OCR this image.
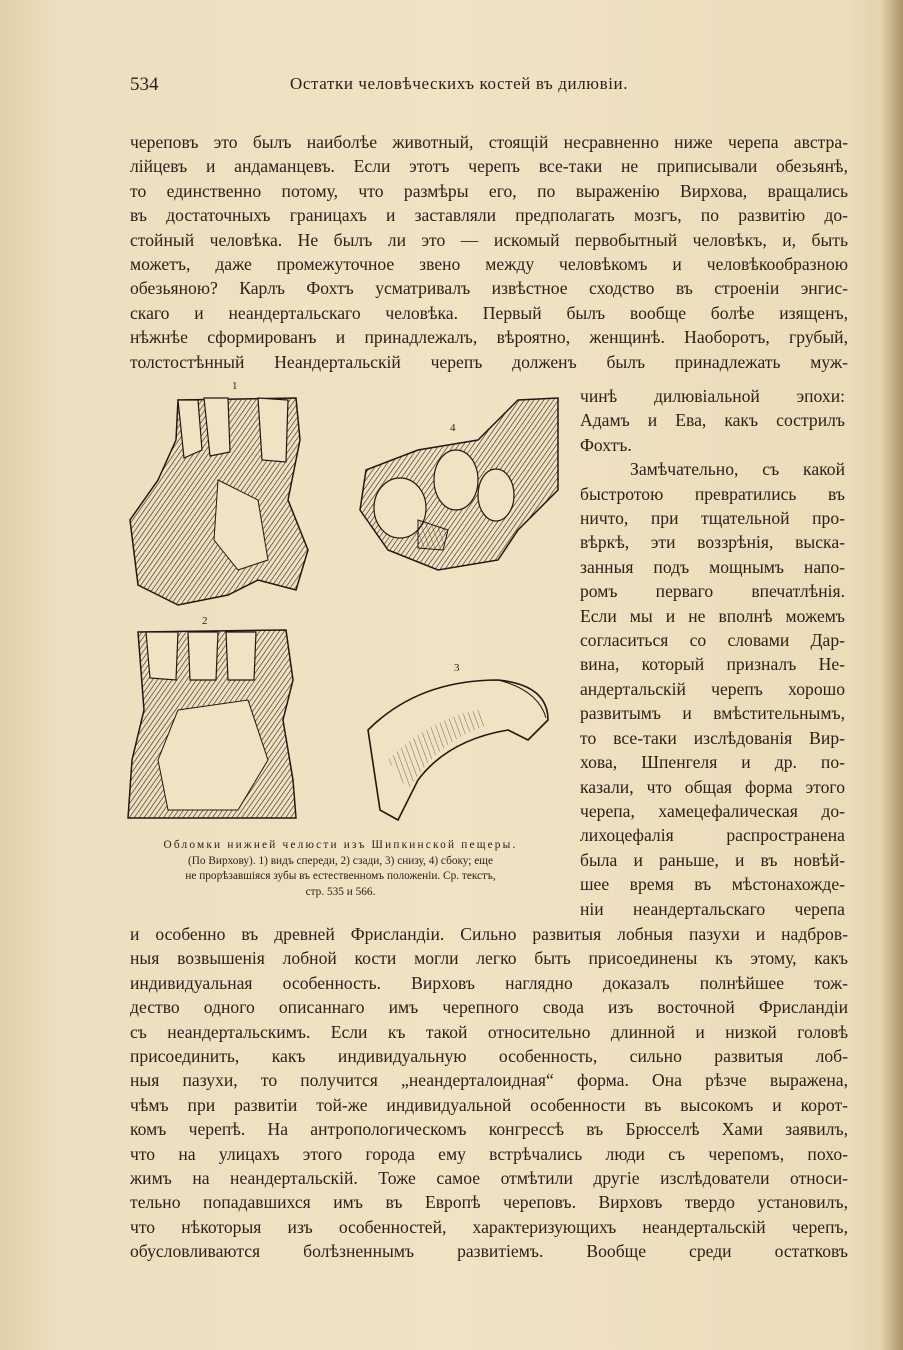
534	Остатки человѣческихъ костей въ дилювіи.
череповъ это былъ наиболѣе животный, стоящій несравненно ниже черепа австра-
лійцевъ и андаманцевъ. Если этотъ черепъ все-таки не приписывали обезьянѣ,
то единственно потому, что размѣры его, по выраженію Вирхова, вращались
въ достаточныхъ границахъ и заставляли предполагать мозгъ, по развитію до-
стойный человѣка. Не былъ ли это — искомый первобытный человѣкъ, и, быть
можетъ, даже промежуточное звено между человѣкомъ и человѣкообразною
обезьяною? Карлъ Фохтъ усматривалъ извѣстное сходство въ строеніи энгис-
скаго и неандертальскаго человѣка. Первый былъ вообще болѣе изященъ,
нѣжнѣе сформированъ и принадлежалъ, вѣроятно, женщинѣ. Наоборотъ, грубый,
толстостѣнный Неандертальскій черепъ долженъ былъ принадлежать муж-
чинѣ дилювіальной эпохи:
Адамъ и Ева, какъ сострилъ
Фохтъ.
Замѣчательно, съ какой
быстротою превратились въ
ничто, при тщательной про-
вѣркѣ, эти воззрѣнія, выска-
занныя подъ мощнымъ напо-
ромъ перваго впечатлѣнія.
Если мы и не вполнѣ можемъ
согласиться со словами Дар-
вина, который призналъ Не-
андертальскій черепъ хорошо
развитымъ и вмѣстительнымъ,
то все-таки изслѣдованія Вир-
хова, Шпенгеля и др. по-
казали, что общая форма этого
черепа, хамецефалическая до-
лихоцефалія распространена
была и раньше, и въ новѣй-
шее время въ мѣстонахожде-
ніи неандертальскаго черепа
1
4
2
3
Обломки нижней челюсти изъ Шипкинской пещеры.
(По Вирхову). 1) видъ спереди, 2) сзади, 3) снизу, 4) сбоку; еще
не прорѣзавшіяся зубы въ естественномъ положеніи. Ср. текстъ,
стр. 535 и 566.
и особенно въ древней Фрисландіи. Сильно развитыя лобныя пазухи и надбров-
ныя возвышенія лобной кости могли легко быть присоединены къ этому, какъ
индивидуальная особенность. Вирховъ наглядно доказалъ полнѣйшее тож-
дество одного описаннаго имъ черепного свода изъ восточной Фрисландіи
съ неандертальскимъ. Если къ такой относительно длинной и низкой головѣ
присоединить, какъ индивидуальную особенность, сильно развитыя лоб-
ныя пазухи, то получится „неандерталоидная“ форма. Она рѣзче выражена,
чѣмъ при развитіи той-же индивидуальной особенности въ высокомъ и корот-
комъ черепѣ. На антропологическомъ конгрессѣ въ Брюсселѣ Хами заявилъ,
что на улицахъ этого города ему встрѣчались люди съ черепомъ, похо-
жимъ на неандертальскій. Тоже самое отмѣтили другіе изслѣдователи относи-
тельно попадавшихся имъ въ Европѣ череповъ. Вирховъ твердо установилъ,
что нѣкоторыя изъ особенностей, характеризующихъ неандертальскій черепъ,
обусловливаются болѣзненнымъ развитіемъ. Вообще среди остатковъ
